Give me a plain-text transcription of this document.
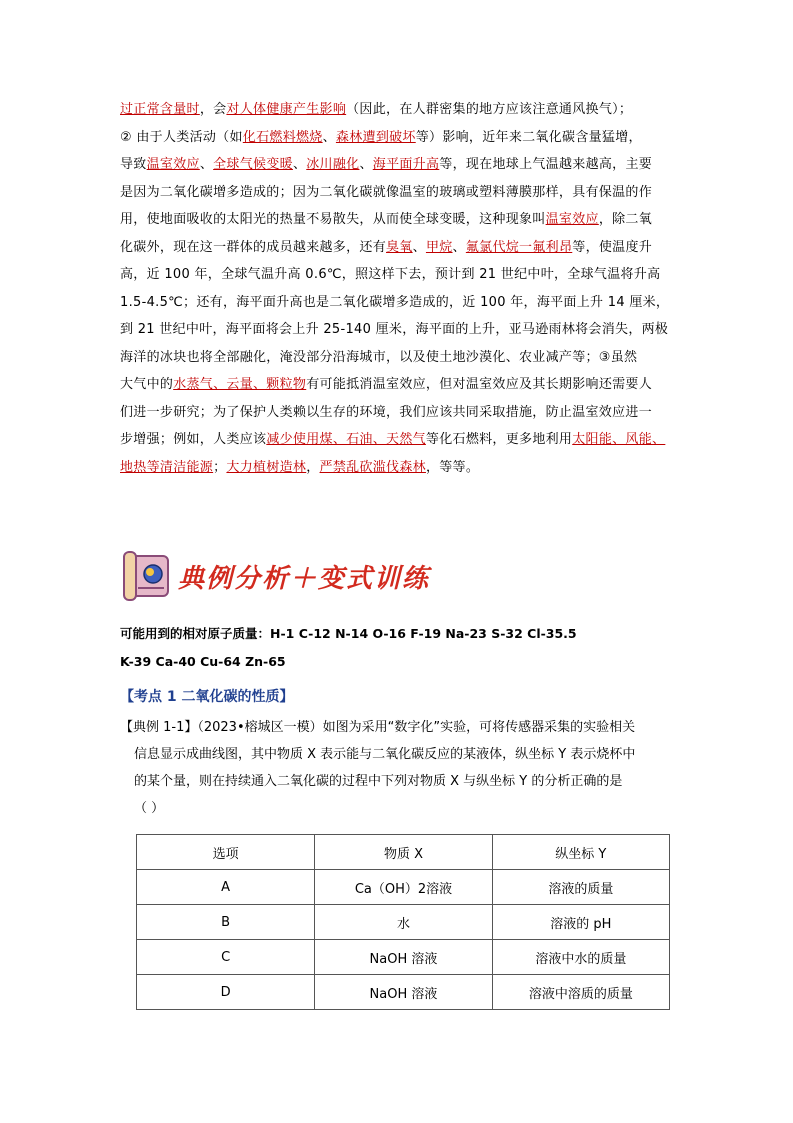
过正常含量时，会对人体健康产生影响（因此，在人群密集的地方应该注意通风换气）；

② 由于人类活动（如化石燃料燃烧、森林遭到破坏等）影响，近年来二氧化碳含量猛增，

导致温室效应、全球气候变暖、冰川融化、海平面升高等，现在地球上气温越来越高，主要

是因为二氧化碳增多造成的；因为二氧化碳就像温室的玻璃或塑料薄膜那样，具有保温的作

用，使地面吸收的太阳光的热量不易散失，从而使全球变暖，这种现象叫温室效应，除二氧

化碳外，现在这一群体的成员越来越多，还有臭氧、甲烷、氟氯代烷一氟利昂等，使温度升

高，近 100 年，全球气温升高 0.6℃，照这样下去，预计到 21 世纪中叶，全球气温将升高

1.5-4.5℃；还有，海平面升高也是二氧化碳增多造成的，近 100 年，海平面上升 14 厘米，

到 21 世纪中叶，海平面将会上升 25-140 厘米，海平面的上升，亚马逊雨林将会消失，两极

海洋的冰块也将全部融化，淹没部分沿海城市，以及使土地沙漠化、农业减产等；③虽然

大气中的水蒸气、云量、颗粒物有可能抵消温室效应，但对温室效应及其长期影响还需要人

们进一步研究；为了保护人类赖以生存的环境，我们应该共同采取措施，防止温室效应进一

步增强；例如，人类应该减少使用煤、石油、天然气等化石燃料，更多地利用太阳能、风能、

地热等清洁能源；大力植树造林，严禁乱砍滥伐森林，等等。

典例分析＋变式训练
可能用到的相对原子质量：H-1 C-12 N-14 O-16 F-19 Na-23 S-32 Cl-35.5
K-39 Ca-40 Cu-64 Zn-65
【考点 1 二氧化碳的性质】

【典例 1-1】（2023•榕城区一模）如图为采用“数字化”实验，可将传感器采集的实验相关

信息显示成曲线图，其中物质 X 表示能与二氧化碳反应的某液体，纵坐标 Y 表示烧杯中

的某个量，则在持续通入二氧化碳的过程中下列对物质 X 与纵坐标 Y 的分析正确的是

（ ）

选项	物质 X	纵坐标 Y
A	Ca（OH）2溶液	溶液的质量
B	水	溶液的 pH
C	NaOH 溶液	溶液中水的质量
D	NaOH 溶液	溶液中溶质的质量
